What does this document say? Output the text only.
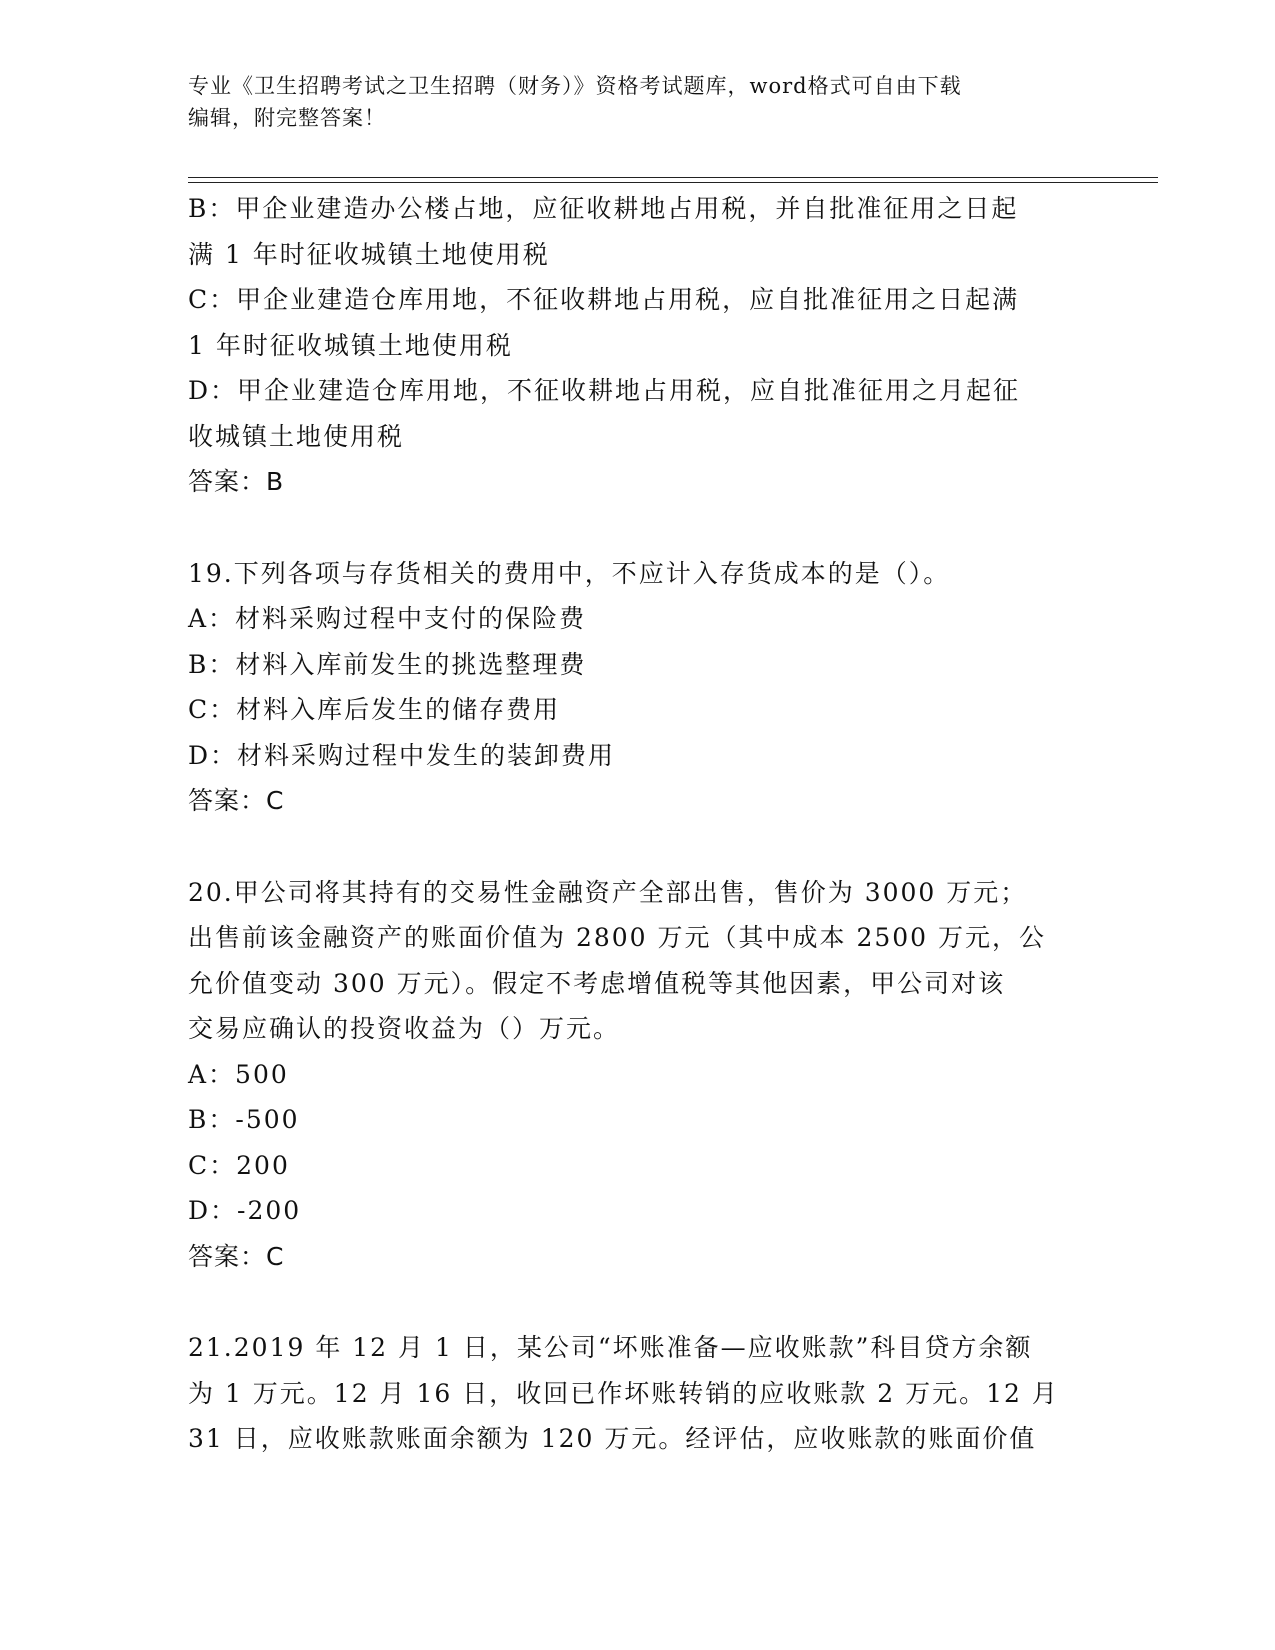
专业《卫生招聘考试之卫生招聘（财务）》资格考试题库，word格式可自由下载
编辑，附完整答案！

B：甲企业建造办公楼占地，应征收耕地占用税，并自批准征用之日起

满 1 年时征收城镇土地使用税

C：甲企业建造仓库用地，不征收耕地占用税，应自批准征用之日起满

1 年时征收城镇土地使用税

D：甲企业建造仓库用地，不征收耕地占用税，应自批准征用之月起征

收城镇土地使用税

答案：B

19.下列各项与存货相关的费用中，不应计入存货成本的是（）。

A：材料采购过程中支付的保险费

B：材料入库前发生的挑选整理费

C：材料入库后发生的储存费用

D：材料采购过程中发生的装卸费用

答案：C

20.甲公司将其持有的交易性金融资产全部出售，售价为 3000 万元；

出售前该金融资产的账面价值为 2800 万元（其中成本 2500 万元，公

允价值变动 300 万元）。假定不考虑增值税等其他因素，甲公司对该

交易应确认的投资收益为（）万元。

A：500

B：-500

C：200

D：-200

答案：C

21.2019 年 12 月 1 日，某公司“坏账准备—应收账款”科目贷方余额

为 1 万元。12 月 16 日，收回已作坏账转销的应收账款 2 万元。12 月

31 日，应收账款账面余额为 120 万元。经评估，应收账款的账面价值
